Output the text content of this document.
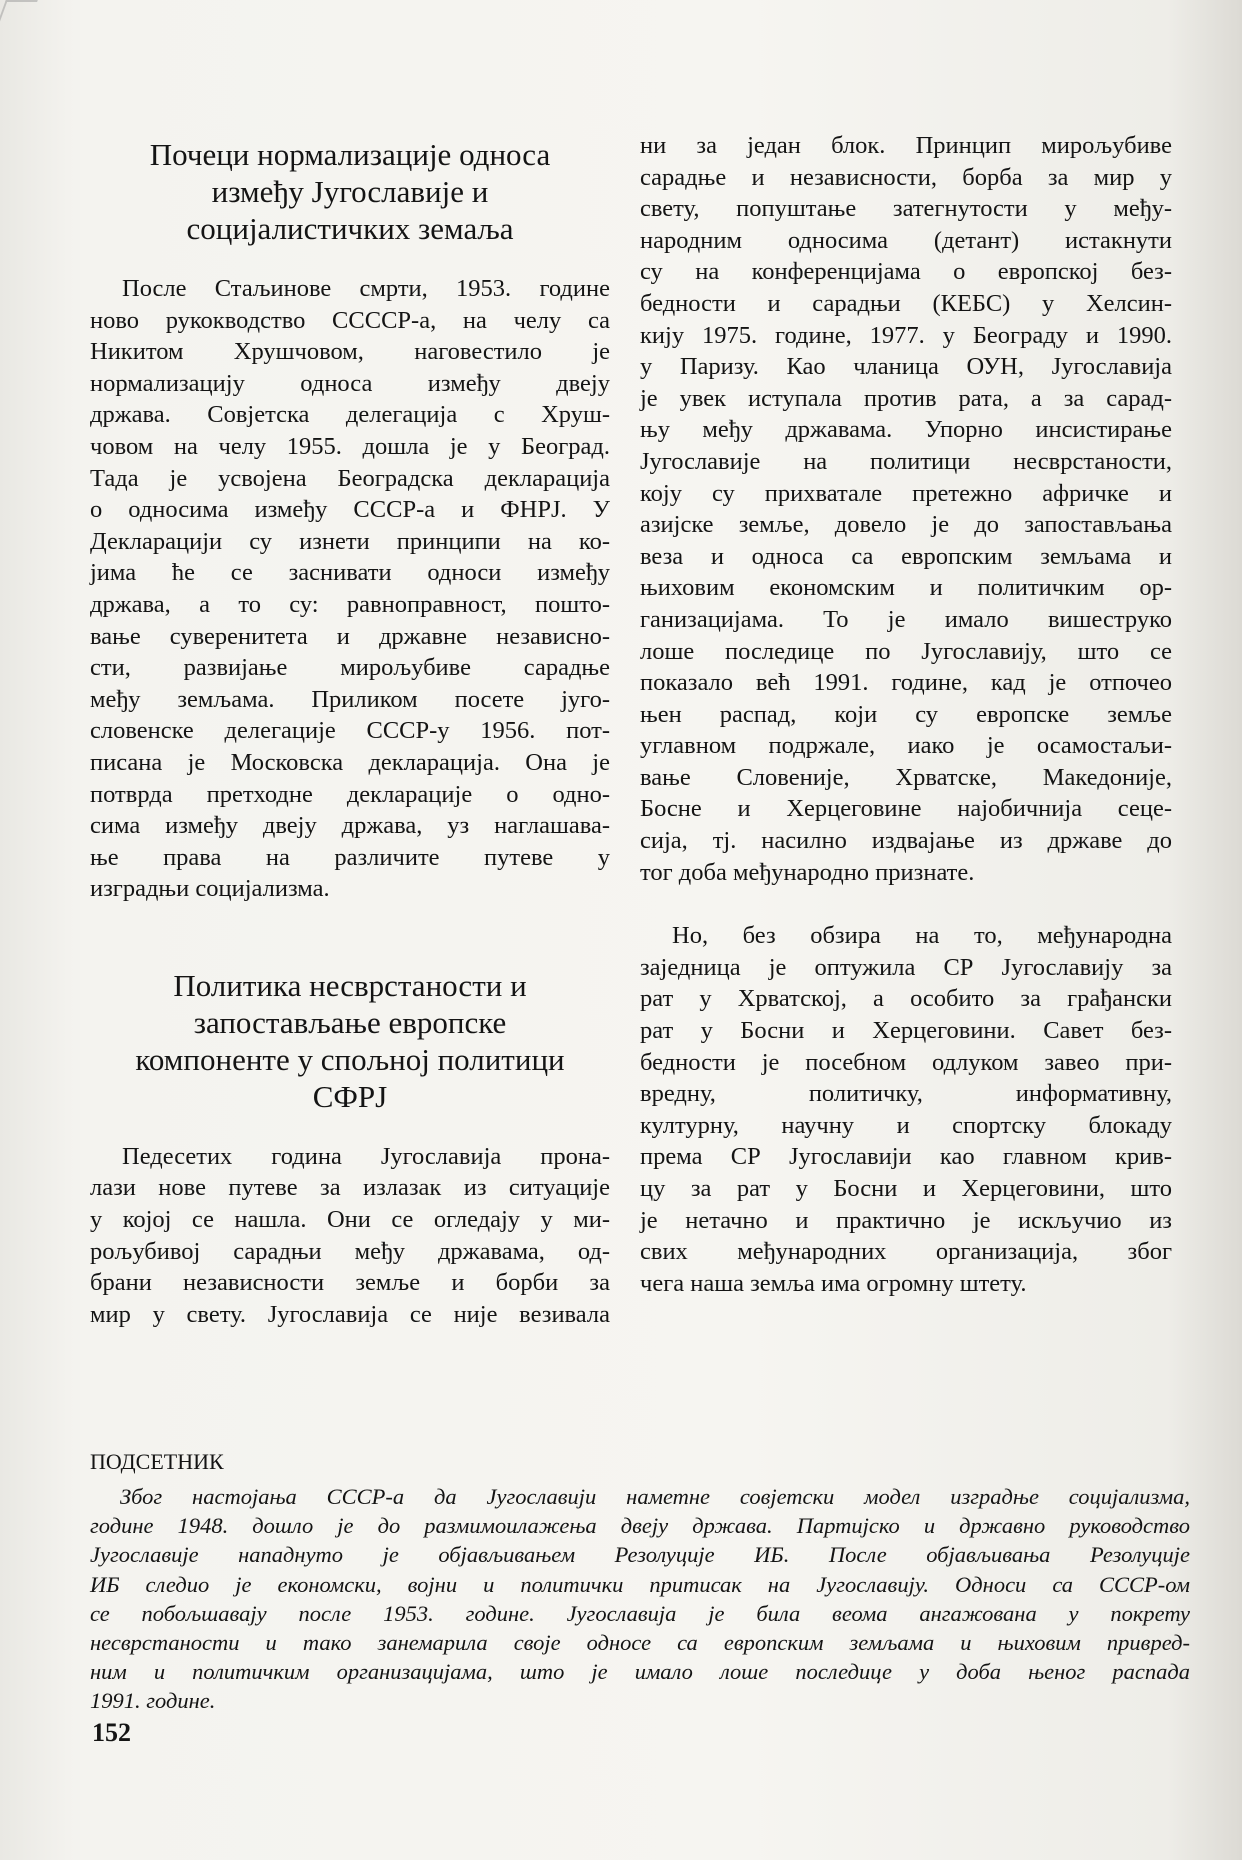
Почеци нормализације односа
између Југославије и
социјалистичких земаља

После Стаљинове смрти, 1953. године
ново рукокводство ССССР-а, на челу са
Никитом Хрушчовом, наговестило је
нормализацију односа између двеју
држава. Совјетска делегација с Хруш-
човом на челу 1955. дошла је у Београд.
Тада је усвојена Београдска декларација
о односима између СССР-а и ФНРЈ. У
Декларацији су изнети принципи на ко-
јима ће се заснивати односи између
држава, а то су: равноправност, пошто-
вање суверенитета и државне независно-
сти, развијање мирољубиве сарадње
међу земљама. Приликом посете југо-
словенске делегације СССР-у 1956. пот-
писана је Московска декларација. Она је
потврда претходне декларације о одно-
сима између двеју држава, уз наглашава-
ње права на различите путеве у
изградњи социјализма.

Политика несврстаности и
запостављање европске
компоненте у спољној политици
СФРЈ

Педесетих година Југославија прона-
лази нове путеве за излазак из ситуације
у којој се нашла. Они се огледају у ми-
рољубивој сарадњи међу државама, од-
брани независности земље и борби за
мир у свету. Југославија се није везивала

ни за један блок. Принцип мирољубиве
сарадње и независности, борба за мир у
свету, попуштање затегнутости у међу-
народним односима (детант) истакнути
су на конференцијама о европској без-
бедности и сарадњи (КЕБС) у Хелсин-
кију 1975. године, 1977. у Београду и 1990.
у Паризу. Као чланица ОУН, Југославија
је увек иступала против рата, а за сарад-
њу међу државама. Упорно инсистирање
Југославије на политици несврстаности,
коју су прихватале претежно афричке и
азијске земље, довело је до запостављања
веза и односа са европским земљама и
њиховим економским и политичким ор-
ганизацијама. То је имало вишеструко
лоше последице по Југославију, што се
показало већ 1991. године, кад је отпочео
њен распад, који су европске земље
углавном подржале, иако је осамостаљи-
вање Словеније, Хрватске, Македоније,
Босне и Херцеговине најобичнија сеце-
сија, тј. насилно издвајање из државе до
тог доба међународно признате.

Но, без обзира на то, међународна
заједница је оптужила СР Југославију за
рат у Хрватској, а особито за грађански
рат у Босни и Херцеговини. Савет без-
бедности је посебном одлуком завео при-
вредну, политичку, информативну,
културну, научну и спортску блокаду
према СР Југославији као главном крив-
цу за рат у Босни и Херцеговини, што
је нетачно и практично је искључио из
свих међународних организација, због
чега наша земља има огромну штету.

ПОДСЕТНИК
Због настојања СССР-а да Југославији наметне совјетски модел изградње социјализма,
године 1948. дошло је до размимоилажења двеју држава. Партијско и државно руководство
Југославије нападнуто је објављивањем Резолуције ИБ. После објављивања Резолуције
ИБ следио је економски, војни и политички притисак на Југославију. Односи са СССР-ом
се побољшавају после 1953. године. Југославија је била веома ангажована у покрету
несврстаности и тако занемарила своје односе са европским земљама и њиховим привред-
ним и политичким организацијама, што је имало лоше последице у доба њеног распада
1991. године.
152
